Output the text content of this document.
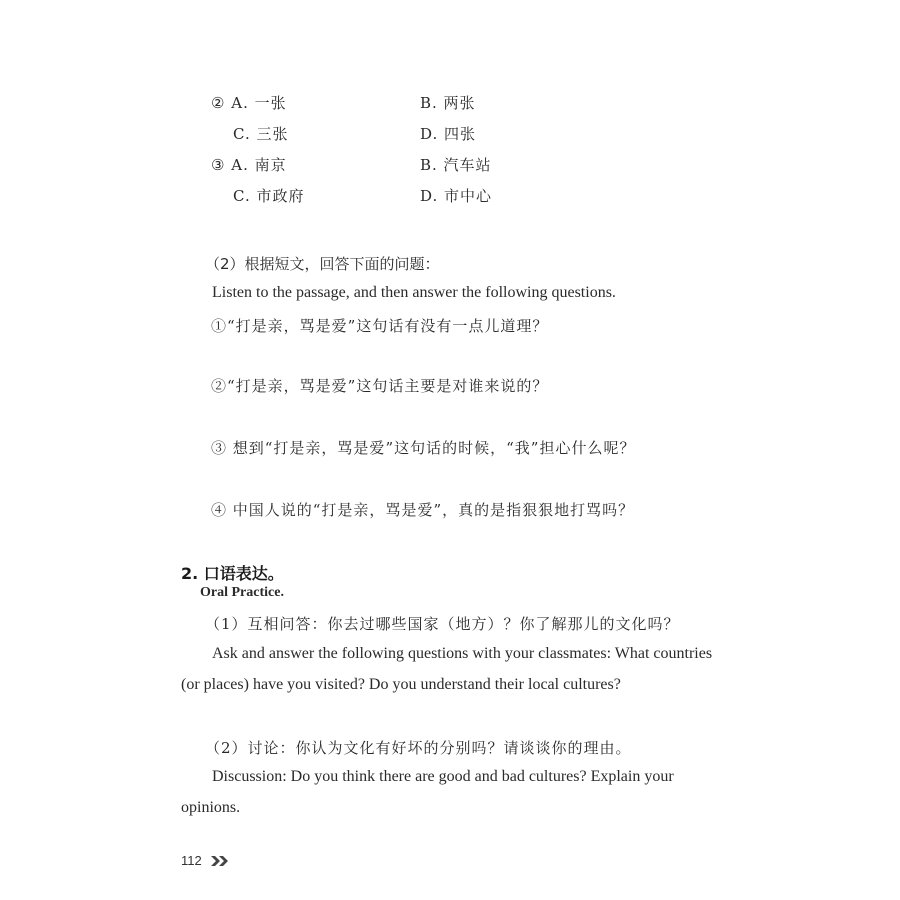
② A. 一张	B. 两张
C. 三张	D. 四张
③ A. 南京	B. 汽车站
C. 市政府	D. 市中心
（2）根据短文，回答下面的问题：
Listen to the passage, and then answer the following questions.
①“打是亲，骂是爱”这句话有没有一点儿道理？
②“打是亲，骂是爱”这句话主要是对谁来说的？
③ 想到“打是亲，骂是爱”这句话的时候，“我”担心什么呢？
④ 中国人说的“打是亲，骂是爱”，真的是指狠狠地打骂吗？
2. 口语表达。
Oral Practice.
（1）互相问答：你去过哪些国家（地方）？你了解那儿的文化吗？
Ask and answer the following questions with your classmates: What countries
(or places) have you visited? Do you understand their local cultures?
（2）讨论：你认为文化有好坏的分别吗？请谈谈你的理由。
Discussion: Do you think there are good and bad cultures? Explain your
opinions.
112
